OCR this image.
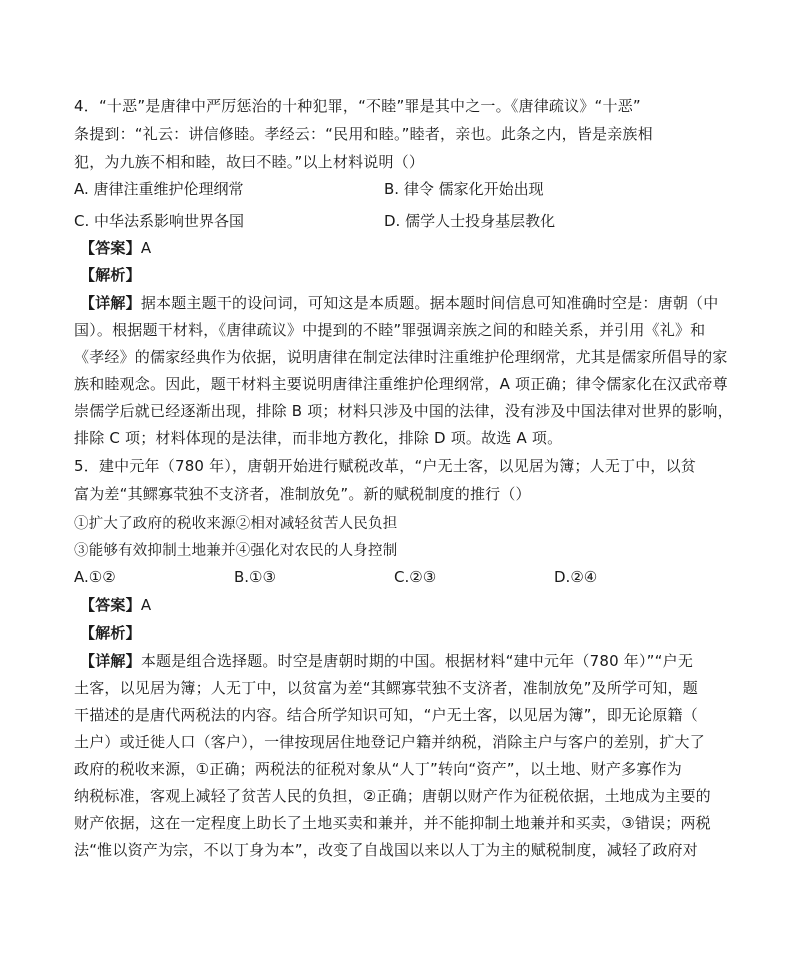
4．“十恶”是唐律中严厉惩治的十种犯罪，“不睦”罪是其中之一。《唐律疏议》“十恶”
条提到：“礼云：讲信修睦。孝经云：“民用和睦。”睦者，亲也。此条之内，皆是亲族相
犯，为九族不相和睦，故曰不睦。”以上材料说明（）
A. 唐律注重维护伦理纲常	B. 律令 儒家化开始出现
C. 中华法系影响世界各国	D. 儒学人士投身基层教化
【答案】A
【解析】
【详解】据本题主题干的设问词，可知这是本质题。据本题时间信息可知准确时空是：唐朝（中
国）。根据题干材料，《唐律疏议》中提到的不睦”罪强调亲族之间的和睦关系，并引用《礼》和
《孝经》的儒家经典作为依据，说明唐律在制定法律时注重维护伦理纲常，尤其是儒家所倡导的家
族和睦观念。因此，题干材料主要说明唐律注重维护伦理纲常，A 项正确；律令儒家化在汉武帝尊
崇儒学后就已经逐渐出现，排除 B 项；材料只涉及中国的法律，没有涉及中国法律对世界的影响，
排除 C 项；材料体现的是法律，而非地方教化，排除 D 项。故选 A 项。
5．建中元年（780 年），唐朝开始进行赋税改革，“户无土客，以见居为簿；人无丁中，以贫
富为差“其鳏寡茕独不支济者，准制放免”。新的赋税制度的推行（）
①扩大了政府的税收来源②相对减轻贫苦人民负担
③能够有效抑制土地兼并④强化对农民的人身控制
A.①②	B.①③	C.②③	D.②④
【答案】A
【解析】
【详解】本题是组合选择题。时空是唐朝时期的中国。根据材料“建中元年（780 年）”“户无
土客，以见居为簿；人无丁中，以贫富为差“其鳏寡茕独不支济者，准制放免”及所学可知，题
干描述的是唐代两税法的内容。结合所学知识可知，“户无土客，以见居为簿”，即无论原籍（
土户）或迁徙人口（客户），一律按现居住地登记户籍并纳税，消除主户与客户的差别，扩大了
政府的税收来源，①正确；两税法的征税对象从“人丁”转向“资产”，以土地、财产多寡作为
纳税标准，客观上减轻了贫苦人民的负担，②正确；唐朝以财产作为征税依据，土地成为主要的
财产依据，这在一定程度上助长了土地买卖和兼并，并不能抑制土地兼并和买卖，③错误；两税
法“惟以资产为宗，不以丁身为本”，改变了自战国以来以人丁为主的赋税制度，减轻了政府对
